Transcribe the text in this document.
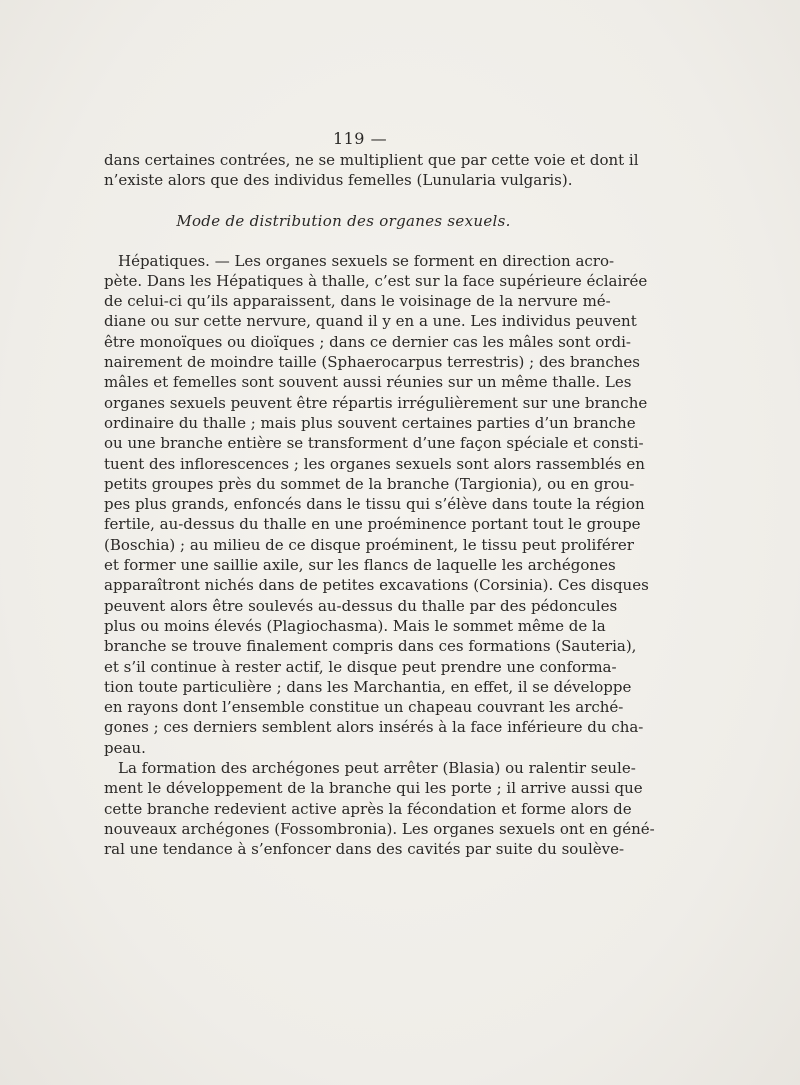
119 —
dans certaines contrées, ne se multiplient que par cette voie et dont il
n’existe alors que des individus femelles (Lunularia vulgaris).
Mode de distribution des organes sexuels.
Hépatiques. — Les organes sexuels se forment en direction acro-
pète. Dans les Hépatiques à thalle, c’est sur la face supérieure éclairée
de celui-ci qu’ils apparaissent, dans le voisinage de la nervure mé-
diane ou sur cette nervure, quand il y en a une. Les individus peuvent
être monoïques ou dioïques ; dans ce dernier cas les mâles sont ordi-
nairement de moindre taille (Sphaerocarpus terrestris) ; des branches
mâles et femelles sont souvent aussi réunies sur un même thalle. Les
organes sexuels peuvent être répartis irrégulièrement sur une branche
ordinaire du thalle ; mais plus souvent certaines parties d’un branche
ou une branche entière se transforment d’une façon spéciale et consti-
tuent des inflorescences ; les organes sexuels sont alors rassemblés en
petits groupes près du sommet de la branche (Targionia), ou en grou-
pes plus grands, enfoncés dans le tissu qui s’élève dans toute la région
fertile, au-dessus du thalle en une proéminence portant tout le groupe
(Boschia) ; au milieu de ce disque proéminent, le tissu peut proliférer
et former une saillie axile, sur les flancs de laquelle les archégones
apparaîtront nichés dans de petites excavations (Corsinia). Ces disques
peuvent alors être soulevés au-dessus du thalle par des pédoncules
plus ou moins élevés (Plagiochasma). Mais le sommet même de la
branche se trouve finalement compris dans ces formations (Sauteria),
et s’il continue à rester actif, le disque peut prendre une conforma-
tion toute particulière ; dans les Marchantia, en effet, il se développe
en rayons dont l’ensemble constitue un chapeau couvrant les arché-
gones ; ces derniers semblent alors insérés à la face inférieure du cha-
peau.
La formation des archégones peut arrêter (Blasia) ou ralentir seule-
ment le développement de la branche qui les porte ; il arrive aussi que
cette branche redevient active après la fécondation et forme alors de
nouveaux archégones (Fossombronia). Les organes sexuels ont en géné-
ral une tendance à s’enfoncer dans des cavités par suite du soulève-
